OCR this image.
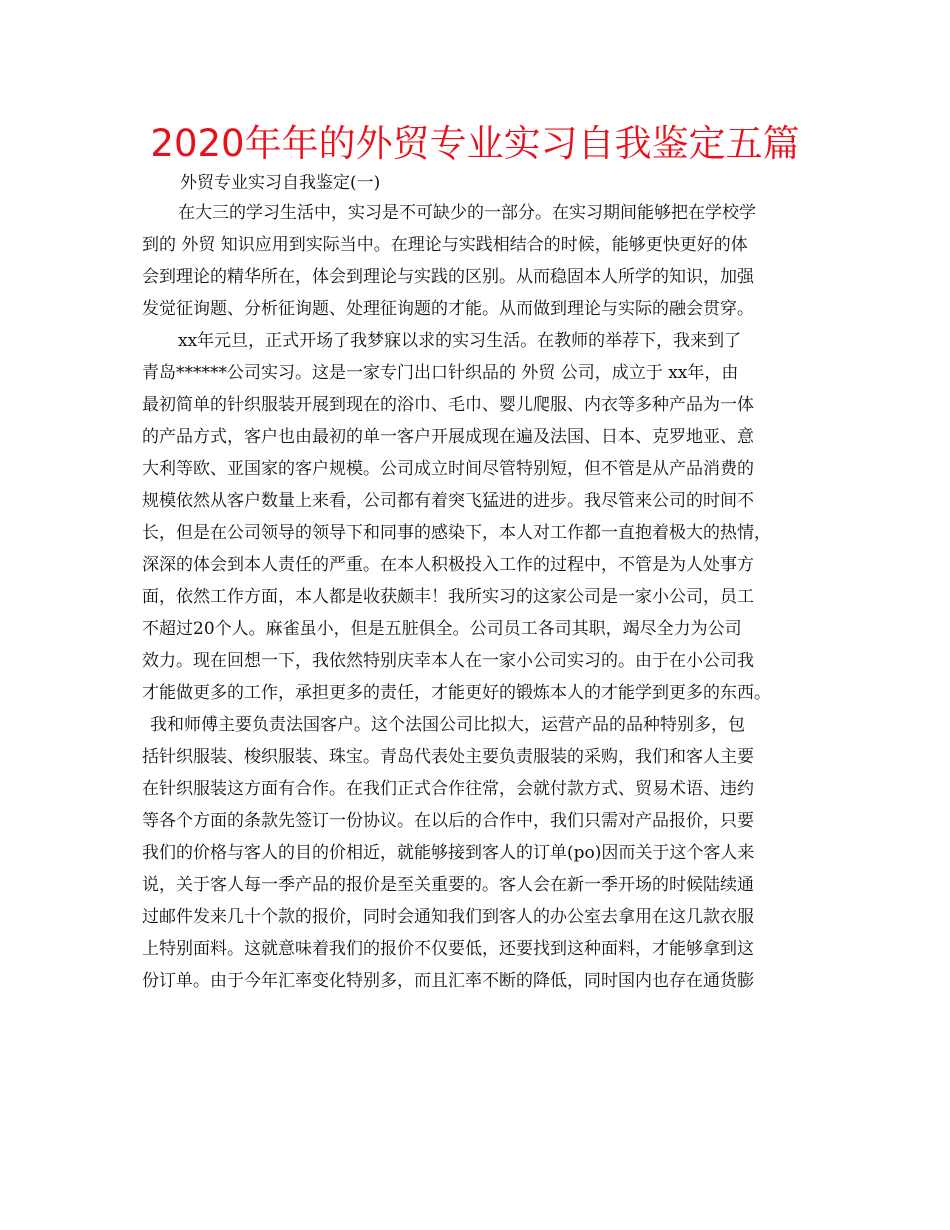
2020年年的外贸专业实习自我鉴定五篇
外贸专业实习自我鉴定(一)
在大三的学习生活中，实习是不可缺少的一部分。在实习期间能够把在学校学
到的 外贸 知识应用到实际当中。在理论与实践相结合的时候，能够更快更好的体
会到理论的精华所在，体会到理论与实践的区别。从而稳固本人所学的知识，加强
发觉征询题、分析征询题、处理征询题的才能。从而做到理论与实际的融会贯穿。
xx年元旦，正式开场了我梦寐以求的实习生活。在教师的举荐下，我来到了
青岛******公司实习。这是一家专门出口针织品的 外贸 公司，成立于 xx年，由
最初简单的针织服装开展到现在的浴巾、毛巾、婴儿爬服、内衣等多种产品为一体
的产品方式，客户也由最初的单一客户开展成现在遍及法国、日本、克罗地亚、意
大利等欧、亚国家的客户规模。公司成立时间尽管特别短，但不管是从产品消费的
规模依然从客户数量上来看，公司都有着突飞猛进的进步。我尽管来公司的时间不
长，但是在公司领导的领导下和同事的感染下，本人对工作都一直抱着极大的热情，
深深的体会到本人责任的严重。在本人积极投入工作的过程中，不管是为人处事方
面，依然工作方面，本人都是收获颇丰！我所实习的这家公司是一家小公司，员工
不超过20个人。麻雀虽小，但是五脏俱全。公司员工各司其职，竭尽全力为公司
效力。现在回想一下，我依然特别庆幸本人在一家小公司实习的。由于在小公司我
才能做更多的工作，承担更多的责任，才能更好的锻炼本人的才能学到更多的东西。
我和师傅主要负责法国客户。这个法国公司比拟大，运营产品的品种特别多，包
括针织服装、梭织服装、珠宝。青岛代表处主要负责服装的采购，我们和客人主要
在针织服装这方面有合作。在我们正式合作往常，会就付款方式、贸易术语、违约
等各个方面的条款先签订一份协议。在以后的合作中，我们只需对产品报价，只要
我们的价格与客人的目的价相近，就能够接到客人的订单(po)因而关于这个客人来
说，关于客人每一季产品的报价是至关重要的。客人会在新一季开场的时候陆续通
过邮件发来几十个款的报价，同时会通知我们到客人的办公室去拿用在这几款衣服
上特别面料。这就意味着我们的报价不仅要低，还要找到这种面料，才能够拿到这
份订单。由于今年汇率变化特别多，而且汇率不断的降低，同时国内也存在通货膨
